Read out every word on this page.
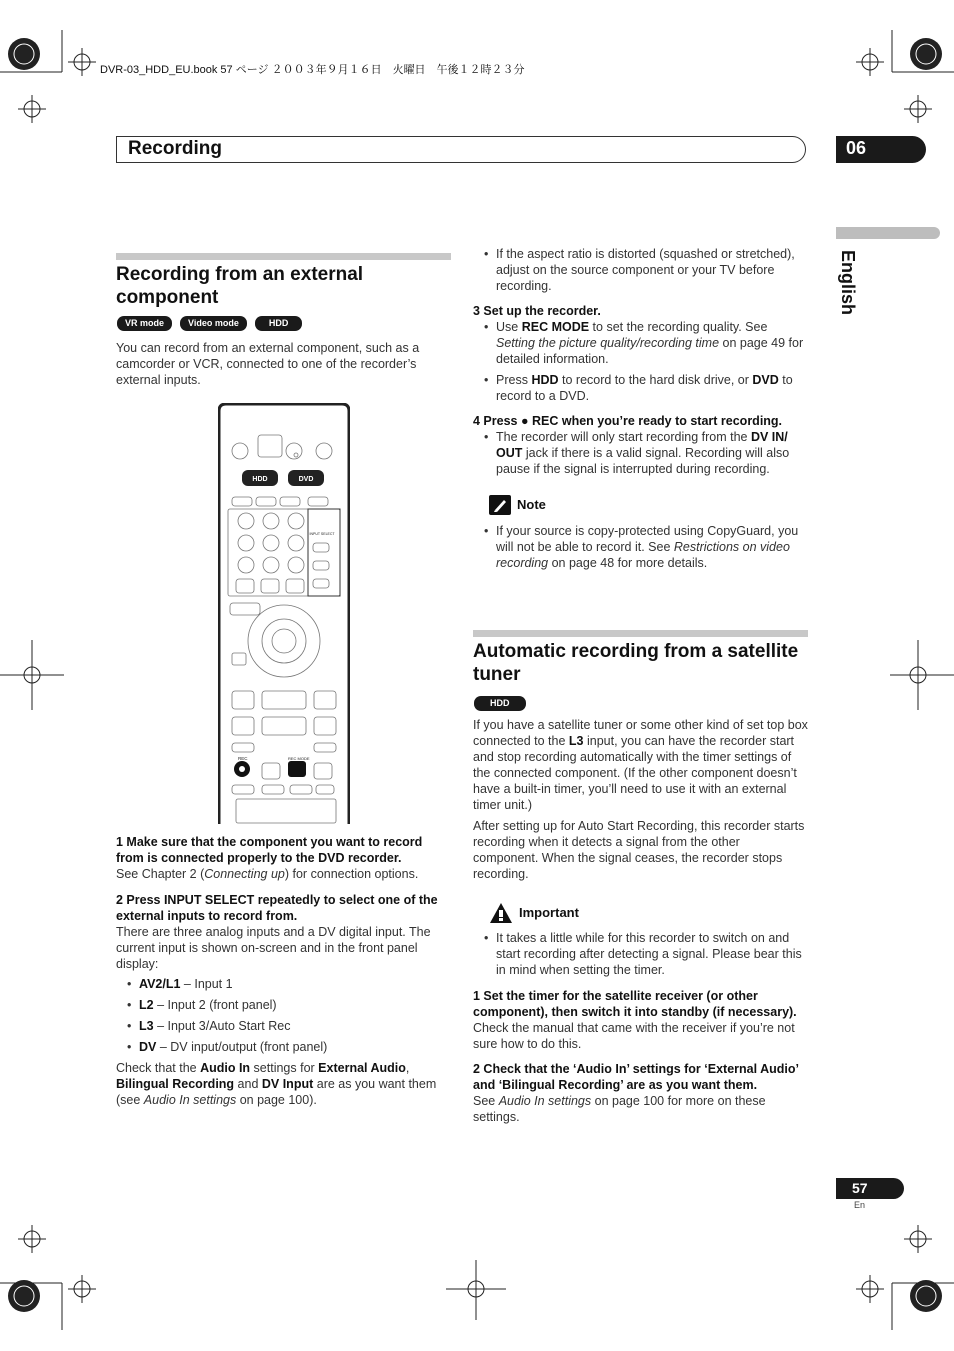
DVR-03_HDD_EU.book 57 ページ ２００３年９月１６日　火曜日　午後１２時２３分
Recording	06
English
Recording from an external component
VR mode	Video mode	HDD

You can record from an external component, such as a camcorder or VCR, connected to one of the recorder’s external inputs.

HDD	DVD
INPUT SELECT
REC	REC MODE

1 Make sure that the component you want to record from is connected properly to the DVD recorder.

See Chapter 2 (Connecting up) for connection options.

2 Press INPUT SELECT repeatedly to select one of the external inputs to record from.

There are three analog inputs and a DV digital input. The current input is shown on-screen and in the front panel display:

• AV2/L1 – Input 1

• L2 – Input 2 (front panel)

• L3 – Input 3/Auto Start Rec

• DV – DV input/output (front panel)

Check that the Audio In settings for External Audio, Bilingual Recording and DV Input are as you want them (see Audio In settings on page 100).

• If the aspect ratio is distorted (squashed or stretched), adjust on the source component or your TV before recording.

3 Set up the recorder.

• Use REC MODE to set the recording quality. See Setting the picture quality/recording time on page 49 for detailed information.

• Press HDD to record to the hard disk drive, or DVD to record to a DVD.

4 Press ● REC when you’re ready to start recording.

• The recorder will only start recording from the DV IN/ OUT jack if there is a valid signal. Recording will also pause if the signal is interrupted during recording.

Note

• If your source is copy-protected using CopyGuard, you will not be able to record it. See Restrictions on video recording on page 48 for more details.

Automatic recording from a satellite tuner
HDD

If you have a satellite tuner or some other kind of set top box connected to the L3 input, you can have the recorder start and stop recording automatically with the timer settings of the connected component. (If the other component doesn’t have a built-in timer, you’ll need to use it with an external timer unit.)

After setting up for Auto Start Recording, this recorder starts recording when it detects a signal from the other component. When the signal ceases, the recorder stops recording.

Important

• It takes a little while for this recorder to switch on and start recording after detecting a signal. Please bear this in mind when setting the timer.

1 Set the timer for the satellite receiver (or other component), then switch it into standby (if necessary).

Check the manual that came with the receiver if you’re not sure how to do this.

2 Check that the ‘Audio In’ settings for ‘External Audio’ and ‘Bilingual Recording’ are as you want them.

See Audio In settings on page 100 for more on these settings.

57
En
